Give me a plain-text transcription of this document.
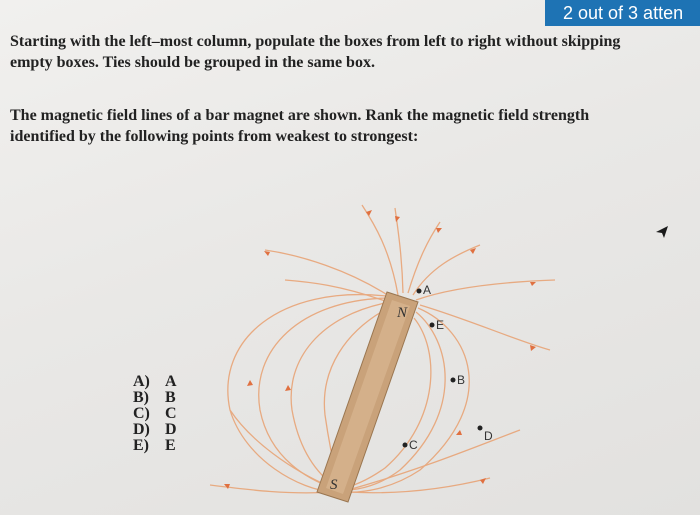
2 out of 3 atten

Starting with the left–most column, populate the boxes from left to right without skipping

empty boxes. Ties should be grouped in the same box.

The magnetic field lines of a bar magnet are shown. Rank the magnetic field strength

identified by the following points from weakest to strongest:

N
S
A
E
B
C
D
A) A
B)	B
C) C
D) D
E)	E
